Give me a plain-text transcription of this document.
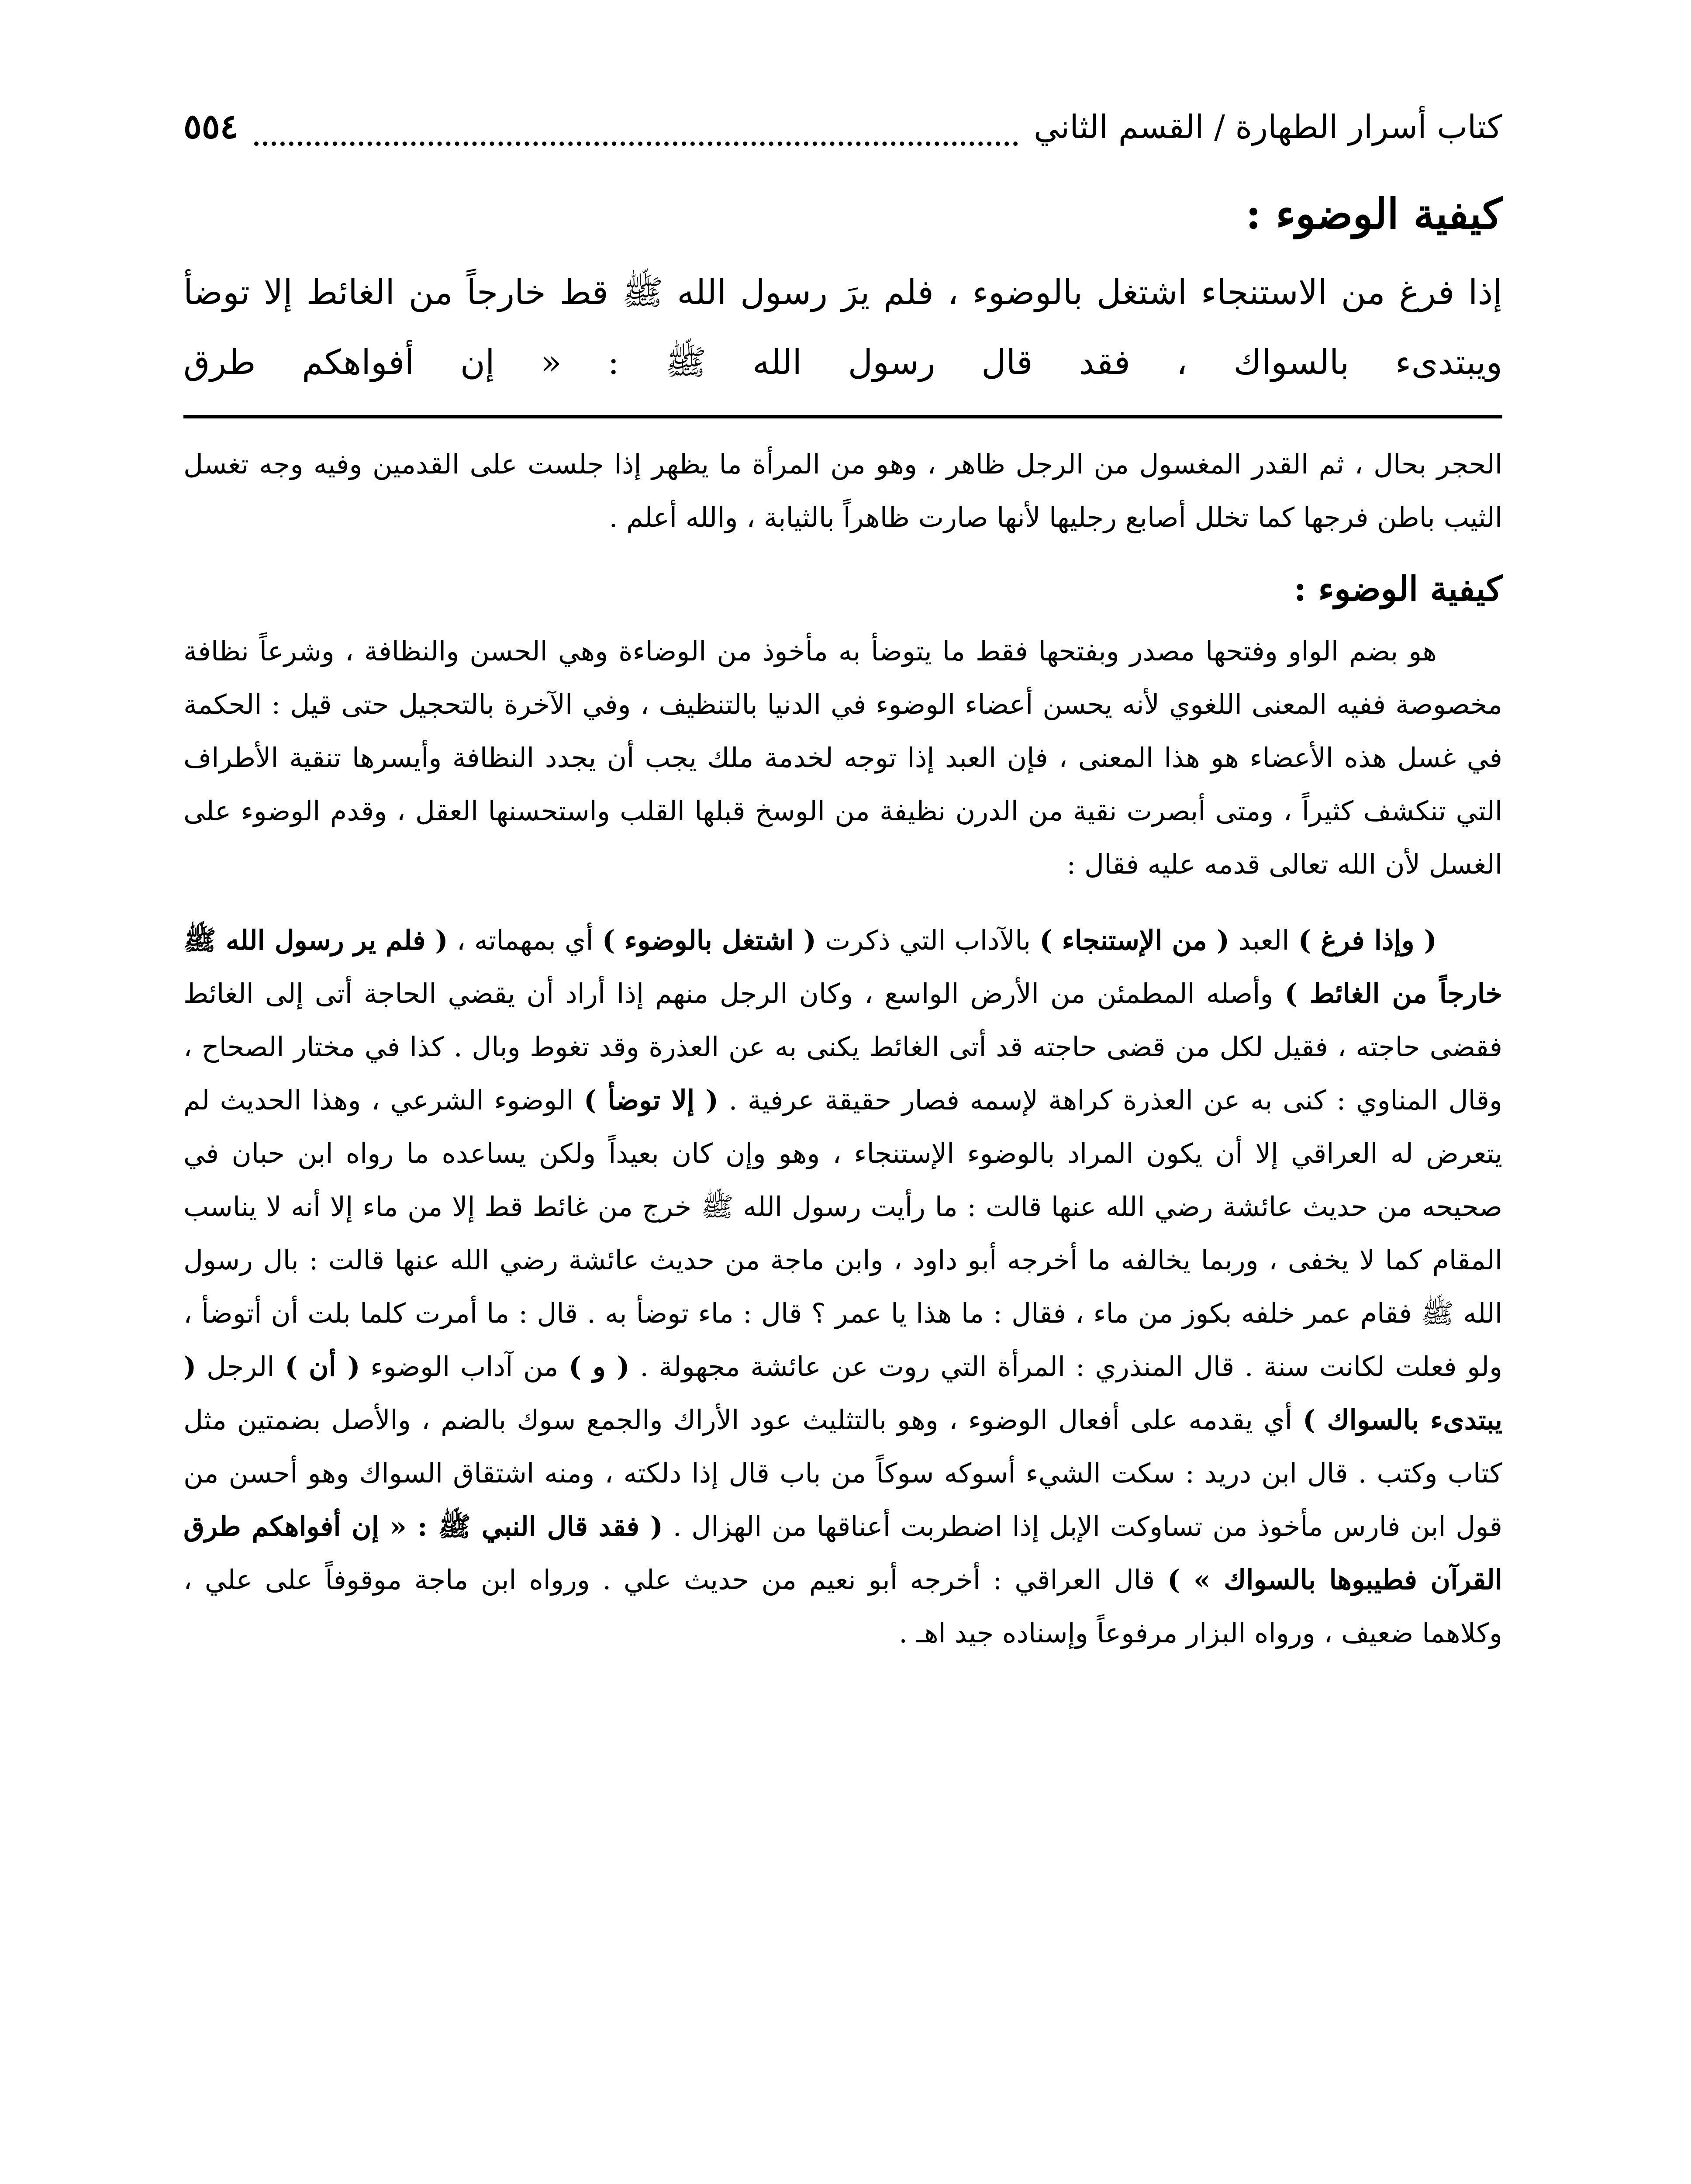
كتاب أسرار الطهارة / القسم الثاني
٥٥٤
كيفية الوضوء :

إذا فرغ من الاستنجاء اشتغل بالوضوء ، فلم يرَ رسول الله ﷺ قط خارجاً من الغائط إلا توضأ ويبتدىء بالسواك ، فقد قال رسول الله ﷺ : « إن أفواهكم طرق

الحجر بحال ، ثم القدر المغسول من الرجل ظاهر ، وهو من المرأة ما يظهر إذا جلست على القدمين وفيه وجه تغسل الثيب باطن فرجها كما تخلل أصابع رجليها لأنها صارت ظاهراً بالثيابة ، والله أعلم .

كيفية الوضوء :

هو بضم الواو وفتحها مصدر وبفتحها فقط ما يتوضأ به مأخوذ من الوضاءة وهي الحسن والنظافة ، وشرعاً نظافة مخصوصة ففيه المعنى اللغوي لأنه يحسن أعضاء الوضوء في الدنيا بالتنظيف ، وفي الآخرة بالتحجيل حتى قيل : الحكمة في غسل هذه الأعضاء هو هذا المعنى ، فإن العبد إذا توجه لخدمة ملك يجب أن يجدد النظافة وأيسرها تنقية الأطراف التي تنكشف كثيراً ، ومتى أبصرت نقية من الدرن نظيفة من الوسخ قبلها القلب واستحسنها العقل ، وقدم الوضوء على الغسل لأن الله تعالى قدمه عليه فقال :

( وإذا فرغ ) العبد ( من الإستنجاء ) بالآداب التي ذكرت ( اشتغل بالوضوء ) أي بمهماته ، ( فلم ير رسول الله ﷺ خارجاً من الغائط ) وأصله المطمئن من الأرض الواسع ، وكان الرجل منهم إذا أراد أن يقضي الحاجة أتى إلى الغائط فقضى حاجته ، فقيل لكل من قضى حاجته قد أتى الغائط يكنى به عن العذرة وقد تغوط وبال . كذا في مختار الصحاح ، وقال المناوي : كنى به عن العذرة كراهة لإسمه فصار حقيقة عرفية . ( إلا توضأ ) الوضوء الشرعي ، وهذا الحديث لم يتعرض له العراقي إلا أن يكون المراد بالوضوء الإستنجاء ، وهو وإن كان بعيداً ولكن يساعده ما رواه ابن حبان في صحيحه من حديث عائشة رضي الله عنها قالت : ما رأيت رسول الله ﷺ خرج من غائط قط إلا من ماء إلا أنه لا يناسب المقام كما لا يخفى ، وربما يخالفه ما أخرجه أبو داود ، وابن ماجة من حديث عائشة رضي الله عنها قالت : بال رسول الله ﷺ فقام عمر خلفه بكوز من ماء ، فقال : ما هذا يا عمر ؟ قال : ماء توضأ به . قال : ما أمرت كلما بلت أن أتوضأ ، ولو فعلت لكانت سنة . قال المنذري : المرأة التي روت عن عائشة مجهولة . ( و ) من آداب الوضوء ( أن ) الرجل ( يبتدىء بالسواك ) أي يقدمه على أفعال الوضوء ، وهو بالتثليث عود الأراك والجمع سوك بالضم ، والأصل بضمتين مثل كتاب وكتب . قال ابن دريد : سكت الشيء أسوكه سوكاً من باب قال إذا دلكته ، ومنه اشتقاق السواك وهو أحسن من قول ابن فارس مأخوذ من تساوكت الإبل إذا اضطربت أعناقها من الهزال . ( فقد قال النبي ﷺ : « إن أفواهكم طرق القرآن فطيبوها بالسواك » ) قال العراقي : أخرجه أبو نعيم من حديث علي . ورواه ابن ماجة موقوفاً على علي ، وكلاهما ضعيف ، ورواه البزار مرفوعاً وإسناده جيد اهـ .
